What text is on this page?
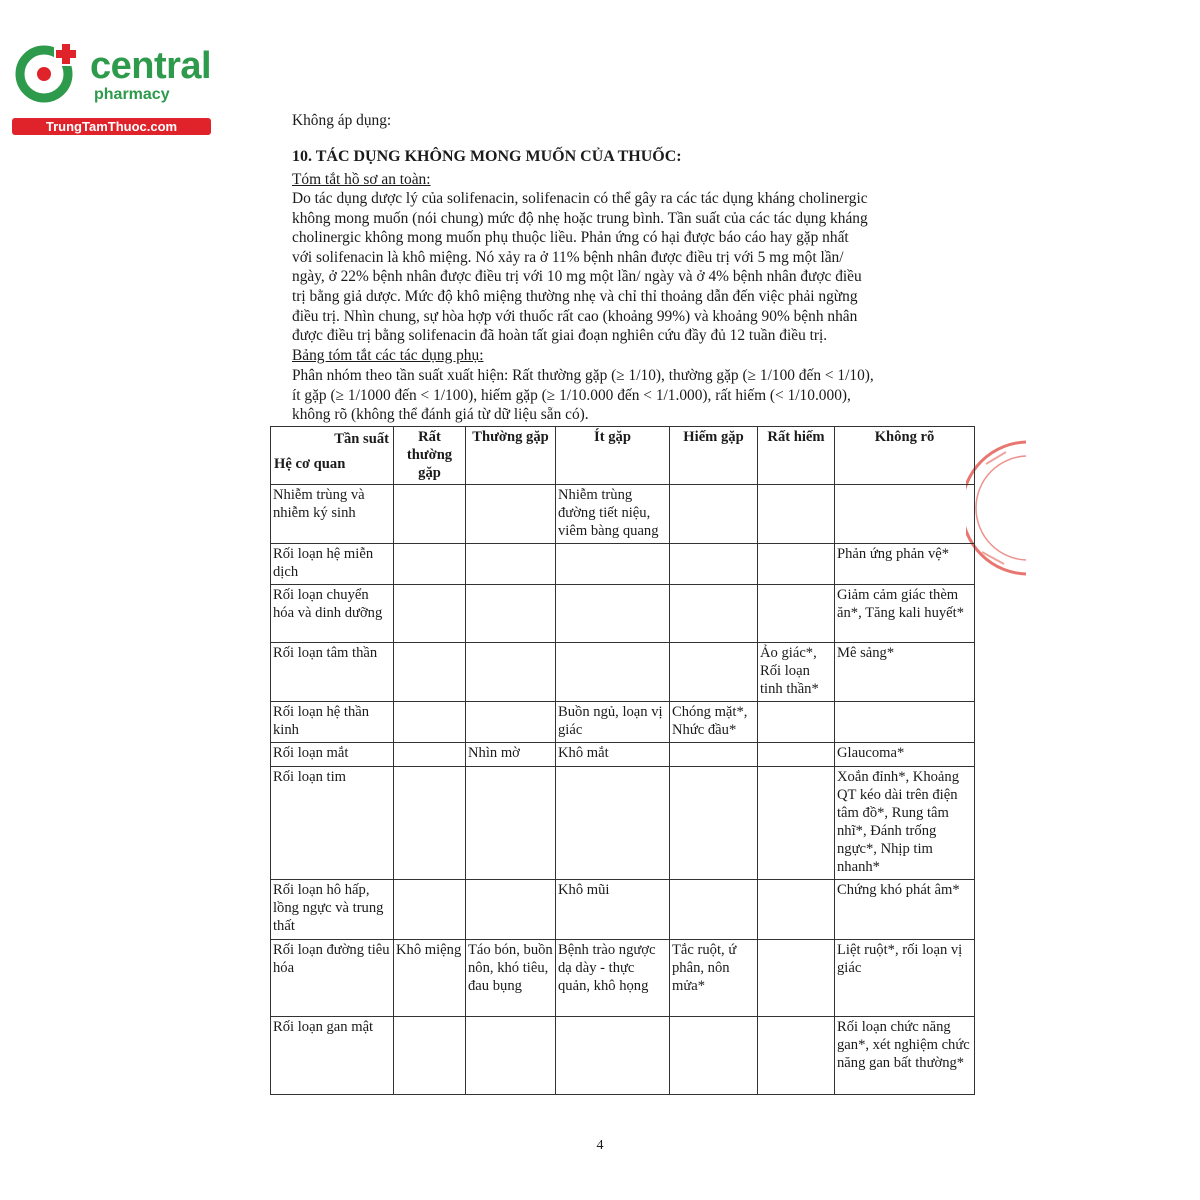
central
pharmacy
TrungTamThuoc.com	Không áp dụng:
10. TÁC DỤNG KHÔNG MONG MUỐN CỦA THUỐC:
Tóm tắt hồ sơ an toàn:
Do tác dụng dược lý của solifenacin, solifenacin có thể gây ra các tác dụng kháng cholinergic
không mong muốn (nói chung) mức độ nhẹ hoặc trung bình. Tần suất của các tác dụng kháng
cholinergic không mong muốn phụ thuộc liều. Phản ứng có hại được báo cáo hay gặp nhất
với solifenacin là khô miệng. Nó xảy ra ở 11% bệnh nhân được điều trị với 5 mg một lần/
ngày, ở 22% bệnh nhân được điều trị với 10 mg một lần/ ngày và ở 4% bệnh nhân được điều
trị bằng giả dược. Mức độ khô miệng thường nhẹ và chỉ thỉ thoảng dẫn đến việc phải ngừng
điều trị. Nhìn chung, sự hòa hợp với thuốc rất cao (khoảng 99%) và khoảng 90% bệnh nhân
được điều trị bằng solifenacin đã hoàn tất giai đoạn nghiên cứu đầy đủ 12 tuần điều trị.
Bảng tóm tắt các tác dụng phụ:
Phân nhóm theo tần suất xuất hiện: Rất thường gặp (≥ 1/10), thường gặp (≥ 1/100 đến < 1/10),
ít gặp (≥ 1/1000 đến < 1/100), hiếm gặp (≥ 1/10.000 đến < 1/1.000), rất hiếm (< 1/10.000),
không rõ (không thể đánh giá từ dữ liệu sẵn có).
Tần suất
Hệ cơ quan	Rất thường gặp	Thường gặp	Ít gặp	Hiếm gặp	Rất hiếm	Không rõ
Nhiễm trùng và nhiễm ký sinh			Nhiễm trùng đường tiết niệu, viêm bàng quang			
Rối loạn hệ miễn dịch						Phản ứng phản vệ*
Rối loạn chuyển hóa và dinh dưỡng						Giảm cảm giác thèm ăn*, Tăng kali huyết*
Rối loạn tâm thần					Ảo giác*, Rối loạn tinh thần*	Mê sảng*
Rối loạn hệ thần kinh			Buồn ngủ, loạn vị giác	Chóng mặt*, Nhức đầu*		
Rối loạn mắt		Nhìn mờ	Khô mắt			Glaucoma*
Rối loạn tim						Xoắn đỉnh*, Khoảng QT kéo dài trên điện tâm đồ*, Rung tâm nhĩ*, Đánh trống ngực*, Nhịp tim nhanh*
Rối loạn hô hấp, lồng ngực và trung thất			Khô mũi			Chứng khó phát âm*
Rối loạn đường tiêu hóa	Khô miệng	Táo bón, buồn nôn, khó tiêu, đau bụng	Bệnh trào ngược dạ dày - thực quản, khô họng	Tắc ruột, ứ phân, nôn mửa*		Liệt ruột*, rối loạn vị giác
Rối loạn gan mật						Rối loạn chức năng gan*, xét nghiệm chức năng gan bất thường*
4
